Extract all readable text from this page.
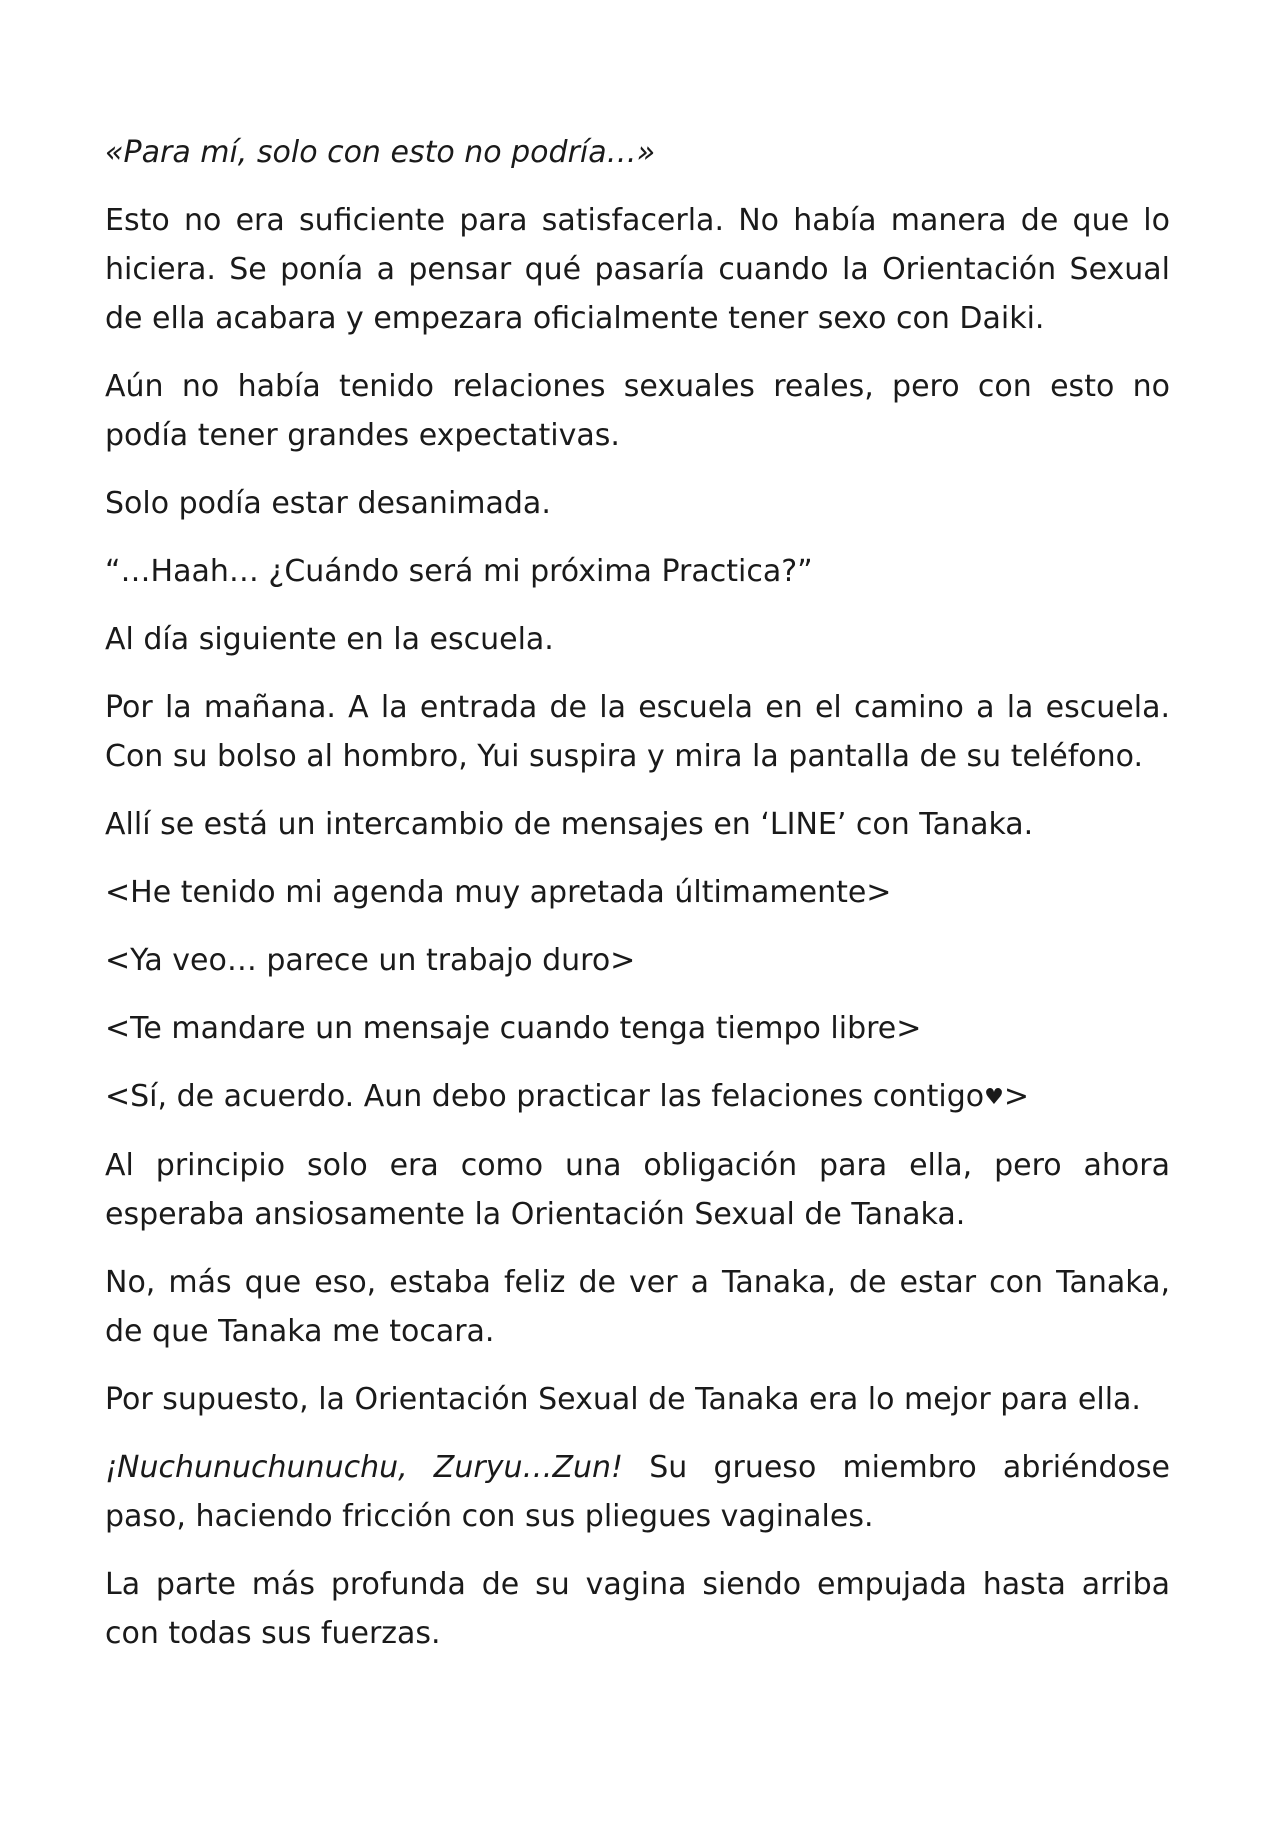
«Para mí, solo con esto no podría…»

Esto no era suficiente para satisfacerla. No había manera de que lo hiciera. Se ponía a pensar qué pasaría cuando la Orientación Sexual de ella acabara y empezara oficialmente tener sexo con Daiki.

Aún no había tenido relaciones sexuales reales, pero con esto no podía tener grandes expectativas.

Solo podía estar desanimada.

“…Haah… ¿Cuándo será mi próxima Practica?”

Al día siguiente en la escuela.

Por la mañana. A la entrada de la escuela en el camino a la escuela. Con su bolso al hombro, Yui suspira y mira la pantalla de su teléfono.

Allí se está un intercambio de mensajes en ‘LINE’ con Tanaka.

<He tenido mi agenda muy apretada últimamente>

<Ya veo… parece un trabajo duro>

<Te mandare un mensaje cuando tenga tiempo libre>

<Sí, de acuerdo. Aun debo practicar las felaciones contigo♥>

Al principio solo era como una obligación para ella, pero ahora esperaba ansiosamente la Orientación Sexual de Tanaka.

No, más que eso, estaba feliz de ver a Tanaka, de estar con Tanaka, de que Tanaka me tocara.

Por supuesto, la Orientación Sexual de Tanaka era lo mejor para ella.

¡Nuchunuchunuchu, Zuryu…Zun! Su grueso miembro abriéndose paso, haciendo fricción con sus pliegues vaginales.

La parte más profunda de su vagina siendo empujada hasta arriba con todas sus fuerzas.
